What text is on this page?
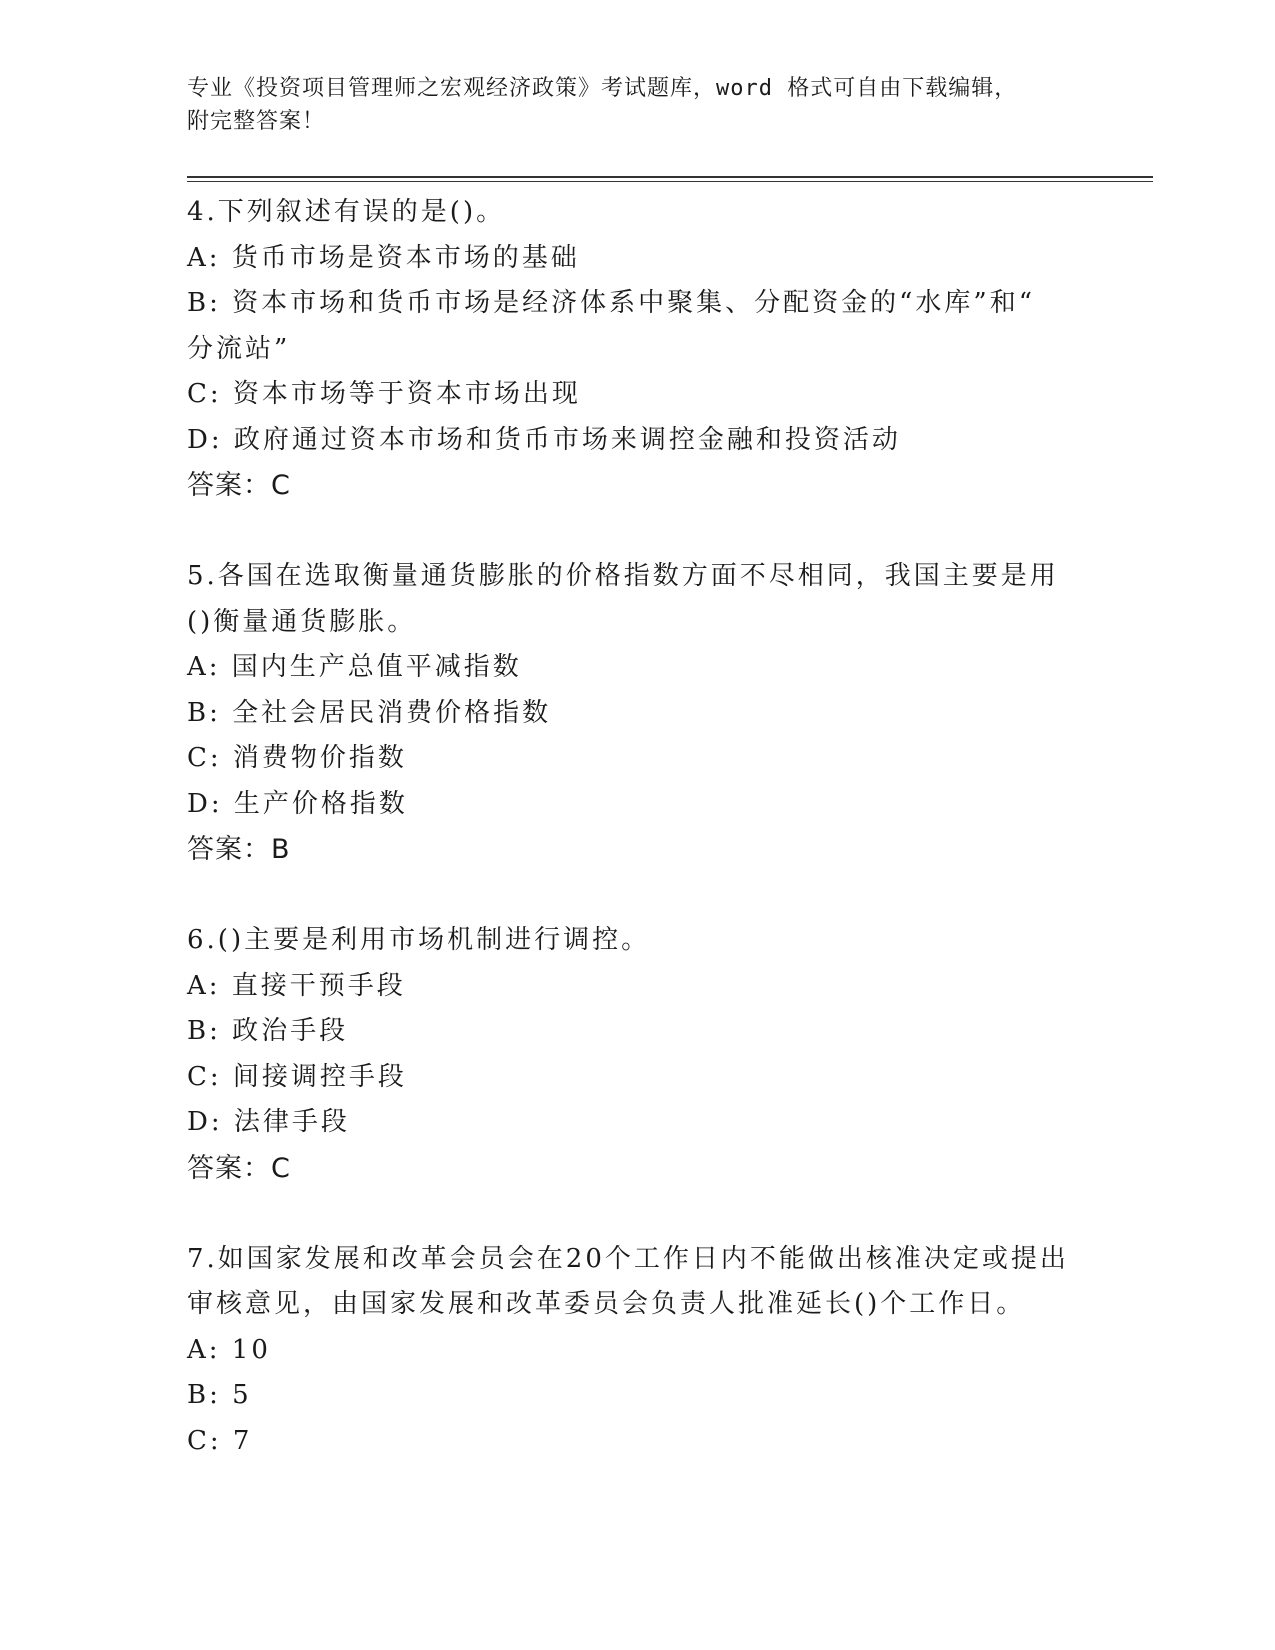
专业《投资项目管理师之宏观经济政策》考试题库，word 格式可自由下载编辑，
附完整答案！
4.下列叙述有误的是()。
A: 货币市场是资本市场的基础
B: 资本市场和货币市场是经济体系中聚集、分配资金的“水库”和“
分流站”
C: 资本市场等于资本市场出现
D: 政府通过资本市场和货币市场来调控金融和投资活动
答案：C
5.各国在选取衡量通货膨胀的价格指数方面不尽相同，我国主要是用
()衡量通货膨胀。
A: 国内生产总值平减指数
B: 全社会居民消费价格指数
C: 消费物价指数
D: 生产价格指数
答案：B
6.()主要是利用市场机制进行调控。
A: 直接干预手段
B: 政治手段
C: 间接调控手段
D: 法律手段
答案：C
7.如国家发展和改革会员会在20个工作日内不能做出核准决定或提出
审核意见，由国家发展和改革委员会负责人批准延长()个工作日。
A: 10
B: 5
C: 7
